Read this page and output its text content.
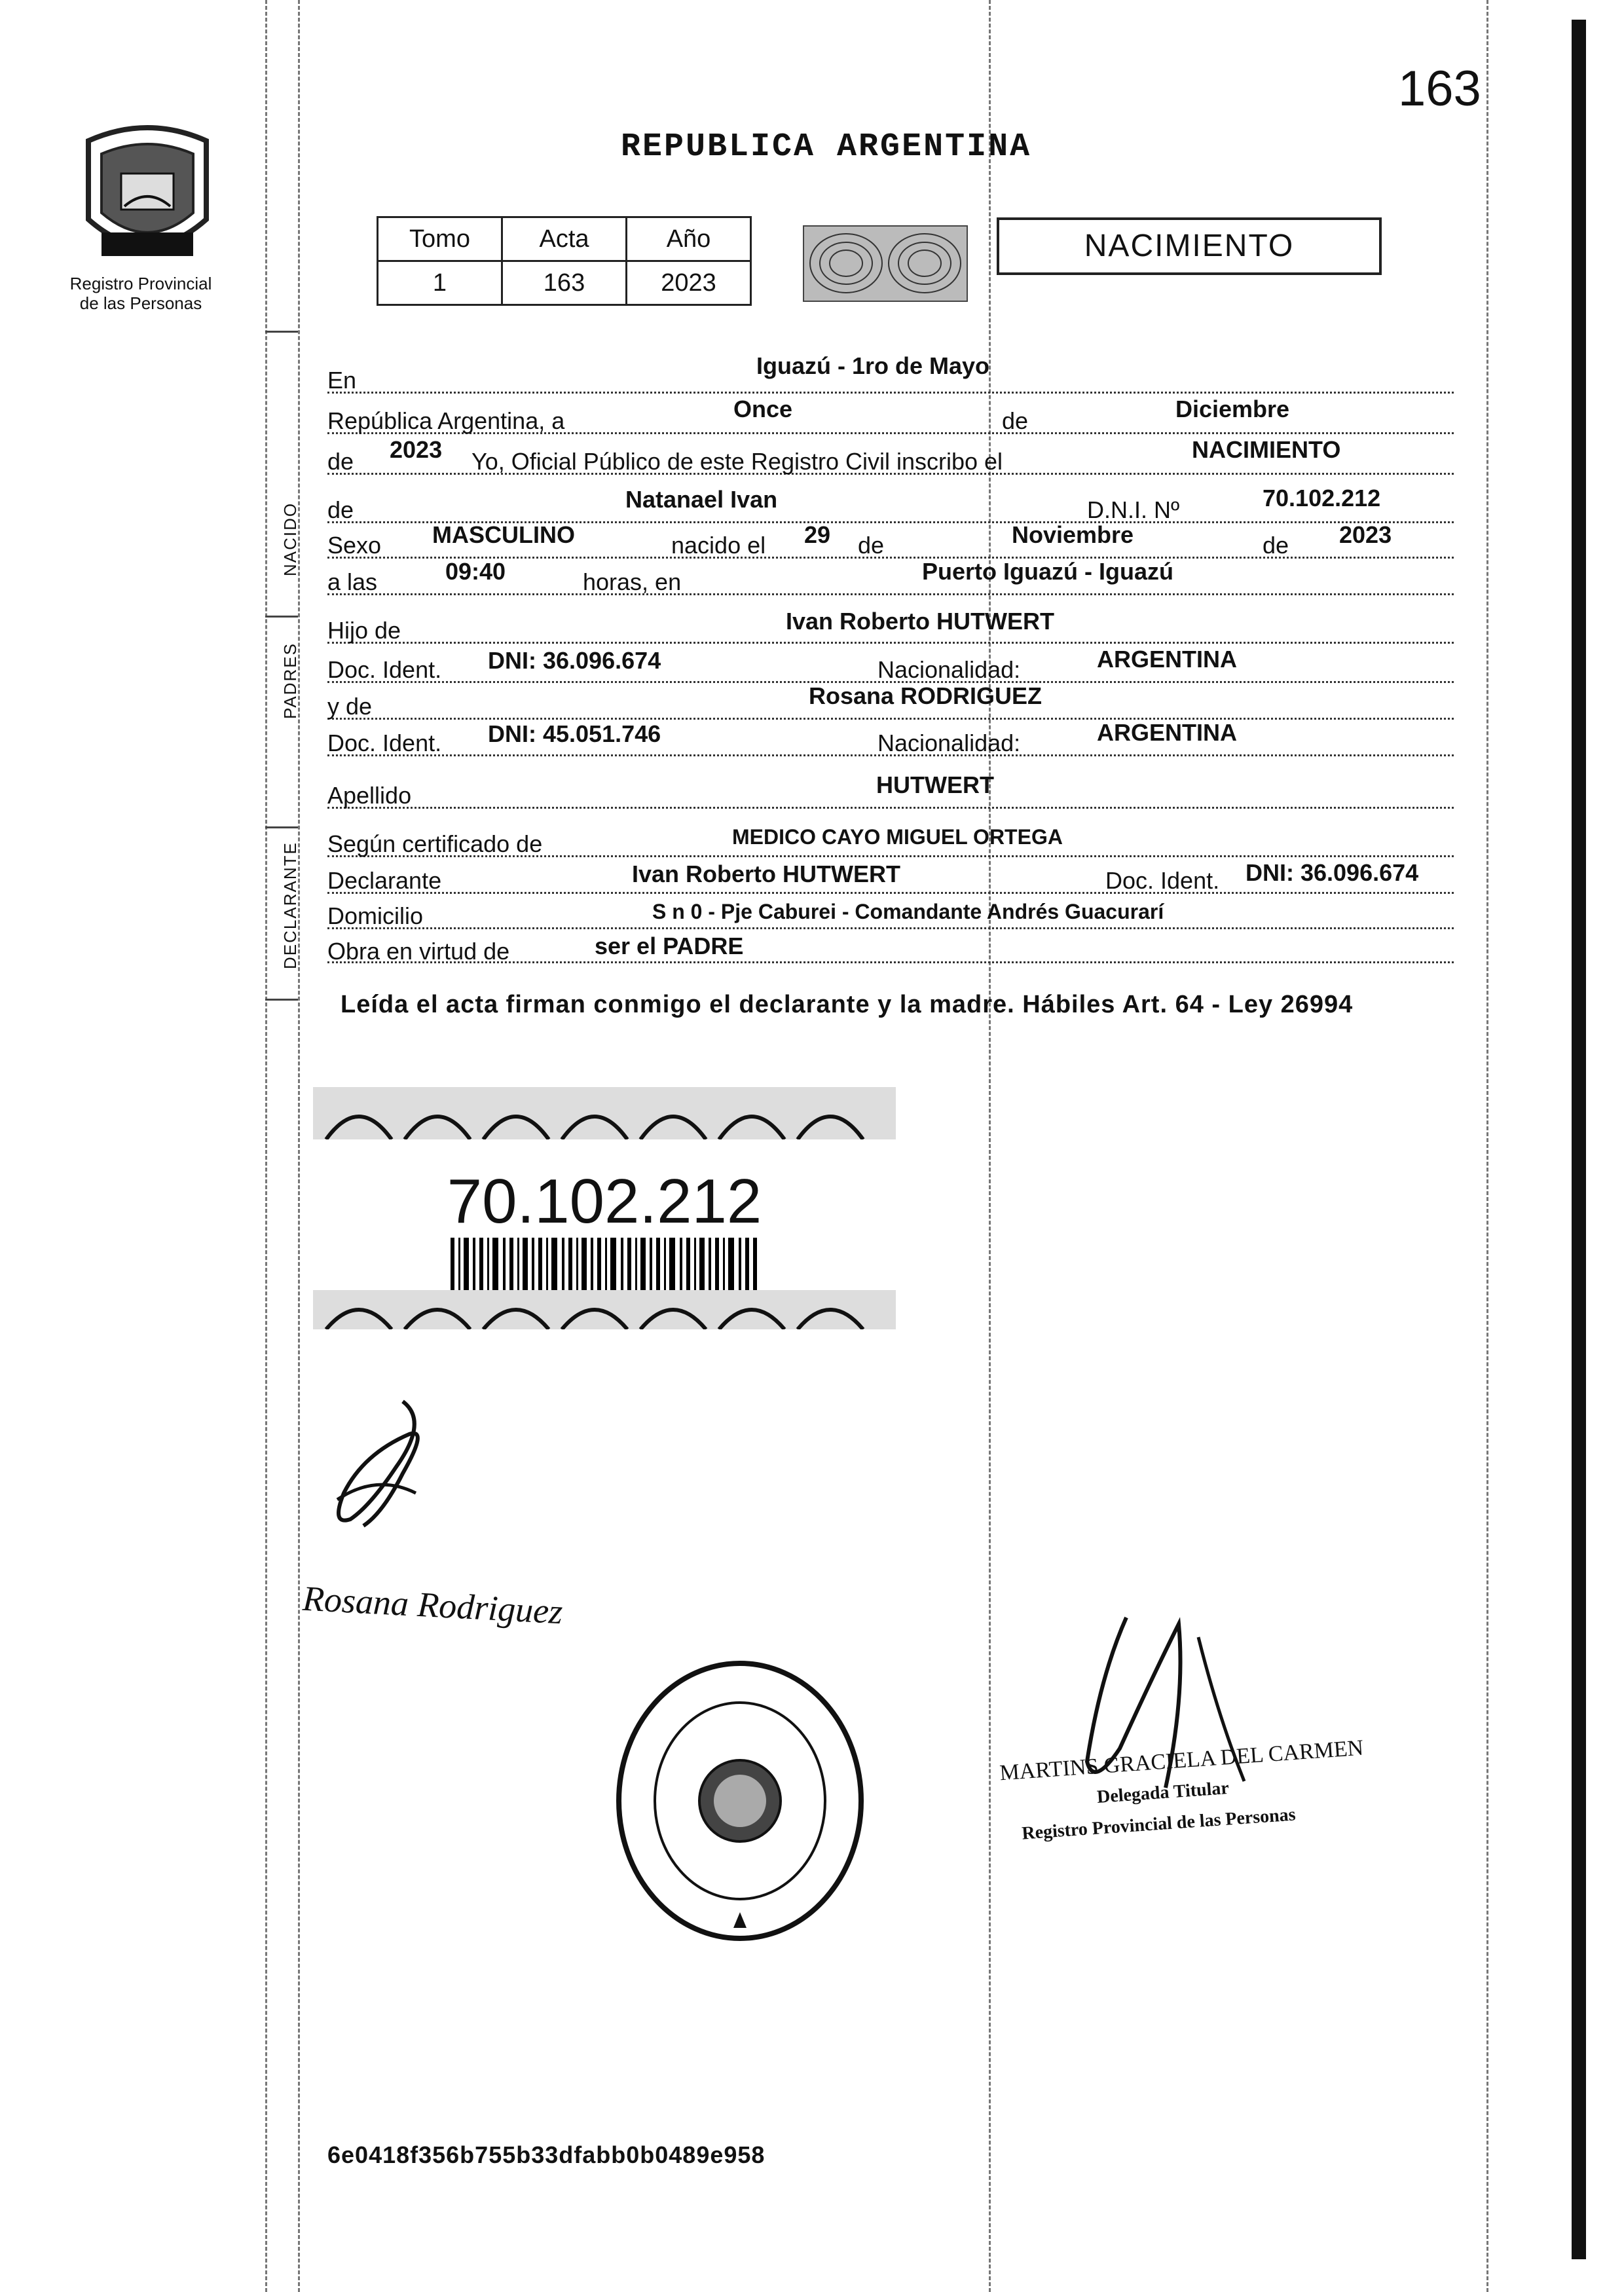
163
Registro Provincial
de las Personas
REPUBLICA ARGENTINA
Tomo	Acta	Año
1	163	2023
NACIMIENTO
NACIDO
PADRES
DECLARANTE
En
Iguazú - 1ro de Mayo
República Argentina, a	Once	de	Diciembre
de 2023 Yo, Oficial Público de este Registro Civil inscribo el	NACIMIENTO
de	Natanael Ivan	D.N.I. Nº	70.102.212
Sexo MASCULINO	nacido el 29 de	Noviembre	de 2023
a las	09:40	horas, en	Puerto Iguazú - Iguazú
Hijo de	Ivan Roberto HUTWERT
Doc. Ident. DNI: 36.096.674	Nacionalidad:	ARGENTINA
y de	Rosana RODRIGUEZ
Doc. Ident. DNI: 45.051.746	Nacionalidad:	ARGENTINA
Apellido	HUTWERT
Según certificado de	MEDICO CAYO MIGUEL ORTEGA
Declarante	Ivan Roberto HUTWERT	Doc. Ident. DNI: 36.096.674
Domicilio	S n 0 - Pje Caburei - Comandante Andrés Guacurarí
Obra en virtud de	ser el PADRE
Leída el acta firman conmigo el declarante y la madre. Hábiles Art. 64 - Ley 26994
70.102.212
Rosana Rodriguez
MARTINS GRACIELA DEL CARMEN
Delegada Titular
Registro Provincial de las Personas
6e0418f356b755b33dfabb0b0489e958
